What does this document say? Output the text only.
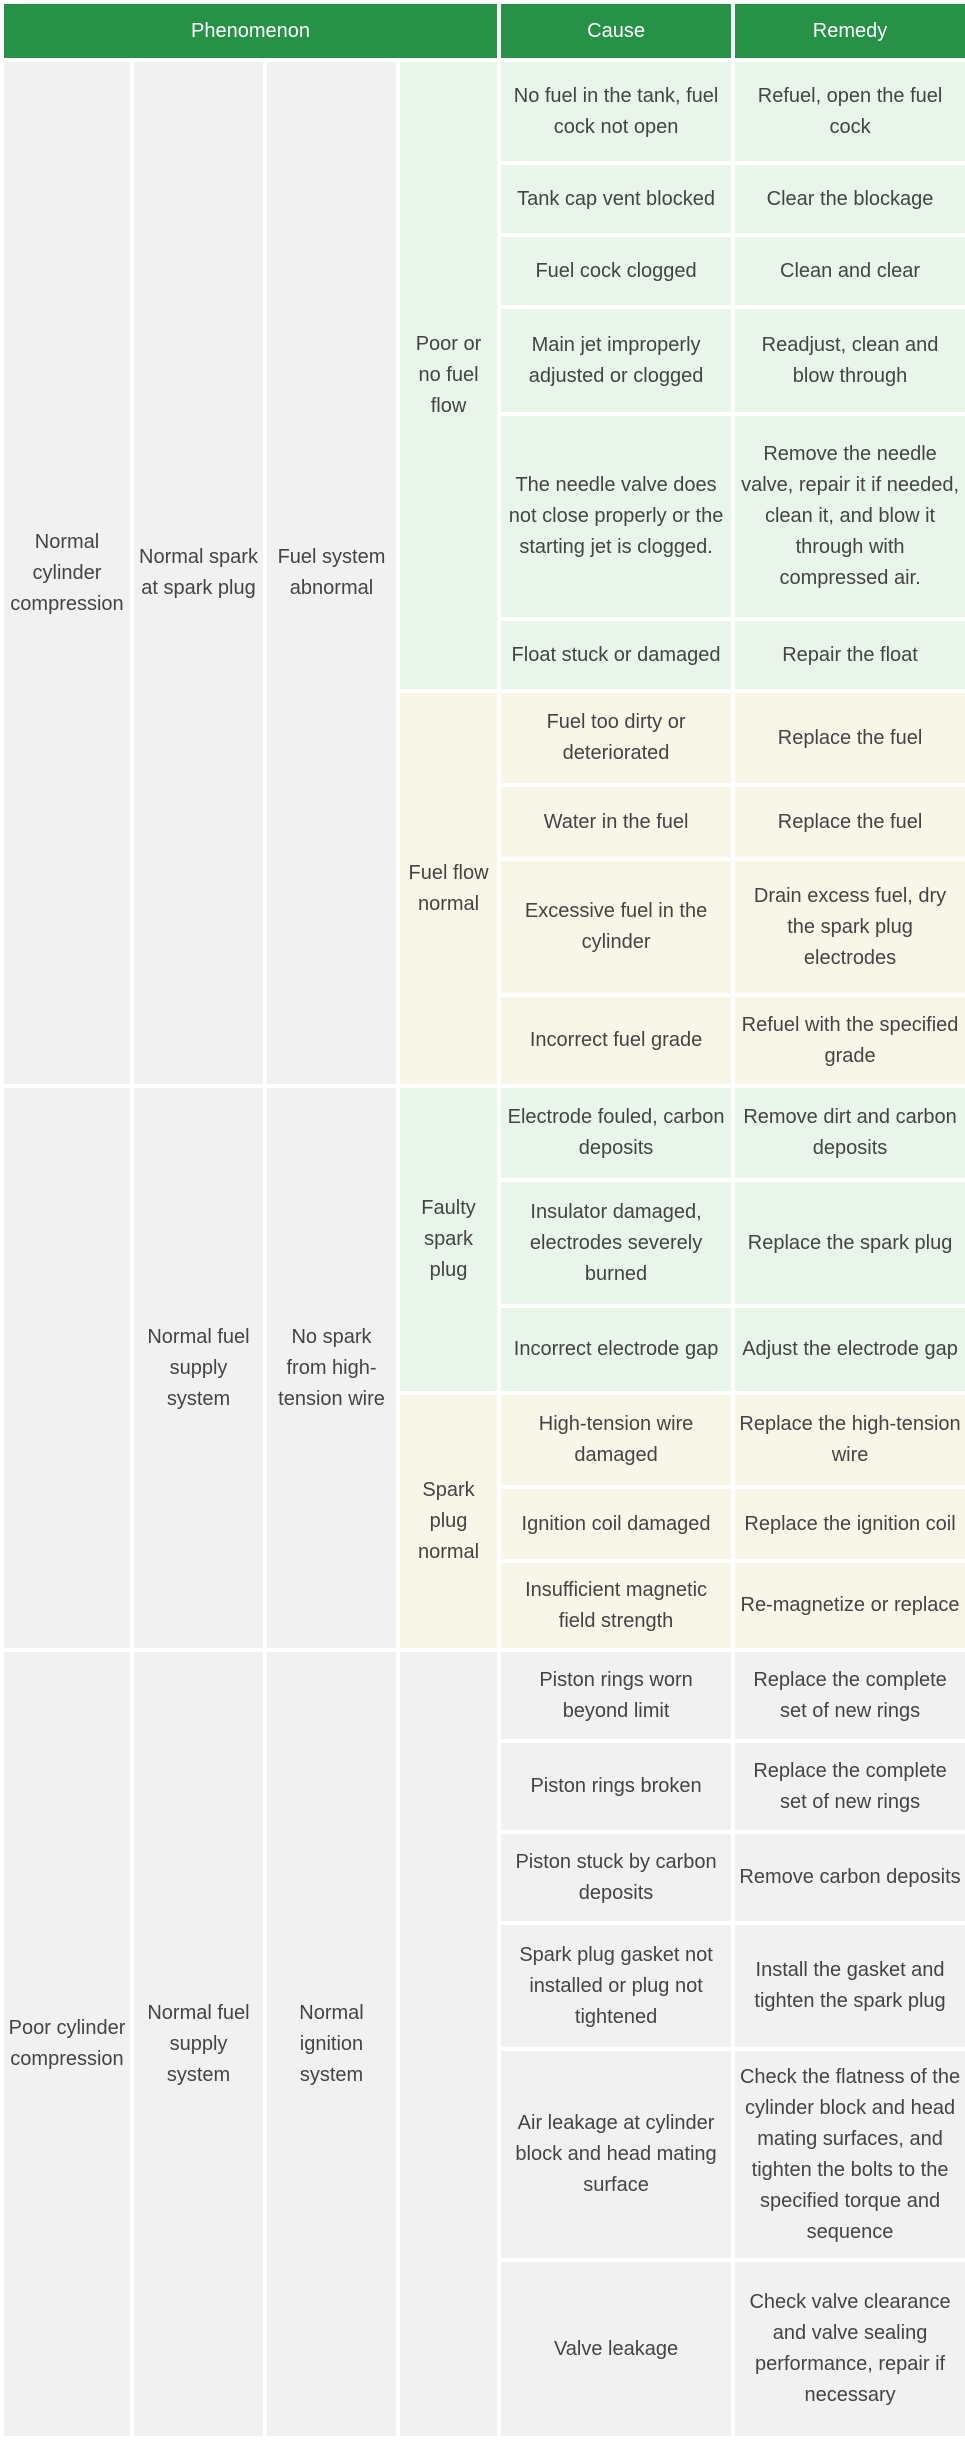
Phenomenon				Cause	Remedy
Normal cylinder compression	Normal spark at spark plug	Fuel system abnormal	Poor or no fuel flow	No fuel in the tank, fuel cock not open	Refuel, open the fuel cock
				Tank cap vent blocked	Clear the blockage
				Fuel cock clogged	Clean and clear
				Main jet improperly adjusted or clogged	Readjust, clean and blow through
				The needle valve does not close properly or the starting jet is clogged.	Remove the needle valve, repair it if needed, clean it, and blow it through with compressed air.
				Float stuck or damaged	Repair the float
			Fuel flow normal	Fuel too dirty or deteriorated	Replace the fuel
				Water in the fuel	Replace the fuel
				Excessive fuel in the cylinder	Drain excess fuel, dry the spark plug electrodes
				Incorrect fuel grade	Refuel with the specified grade
	Normal fuel supply system	No spark from high-tension wire	Faulty spark plug	Electrode fouled, carbon deposits	Remove dirt and carbon deposits
				Insulator damaged, electrodes severely burned	Replace the spark plug
				Incorrect electrode gap	Adjust the electrode gap
			Spark plug normal	High-tension wire damaged	Replace the high-tension wire
				Ignition coil damaged	Replace the ignition coil
				Insufficient magnetic field strength	Re-magnetize or replace
Poor cylinder compression	Normal fuel supply system	Normal ignition system		Piston rings worn beyond limit	Replace the complete set of new rings
				Piston rings broken	Replace the complete set of new rings
				Piston stuck by carbon deposits	Remove carbon deposits
				Spark plug gasket not installed or plug not tightened	Install the gasket and tighten the spark plug
				Air leakage at cylinder block and head mating surface	Check the flatness of the cylinder block and head mating surfaces, and tighten the bolts to the specified torque and sequence
				Valve leakage	Check valve clearance and valve sealing performance, repair if necessary
